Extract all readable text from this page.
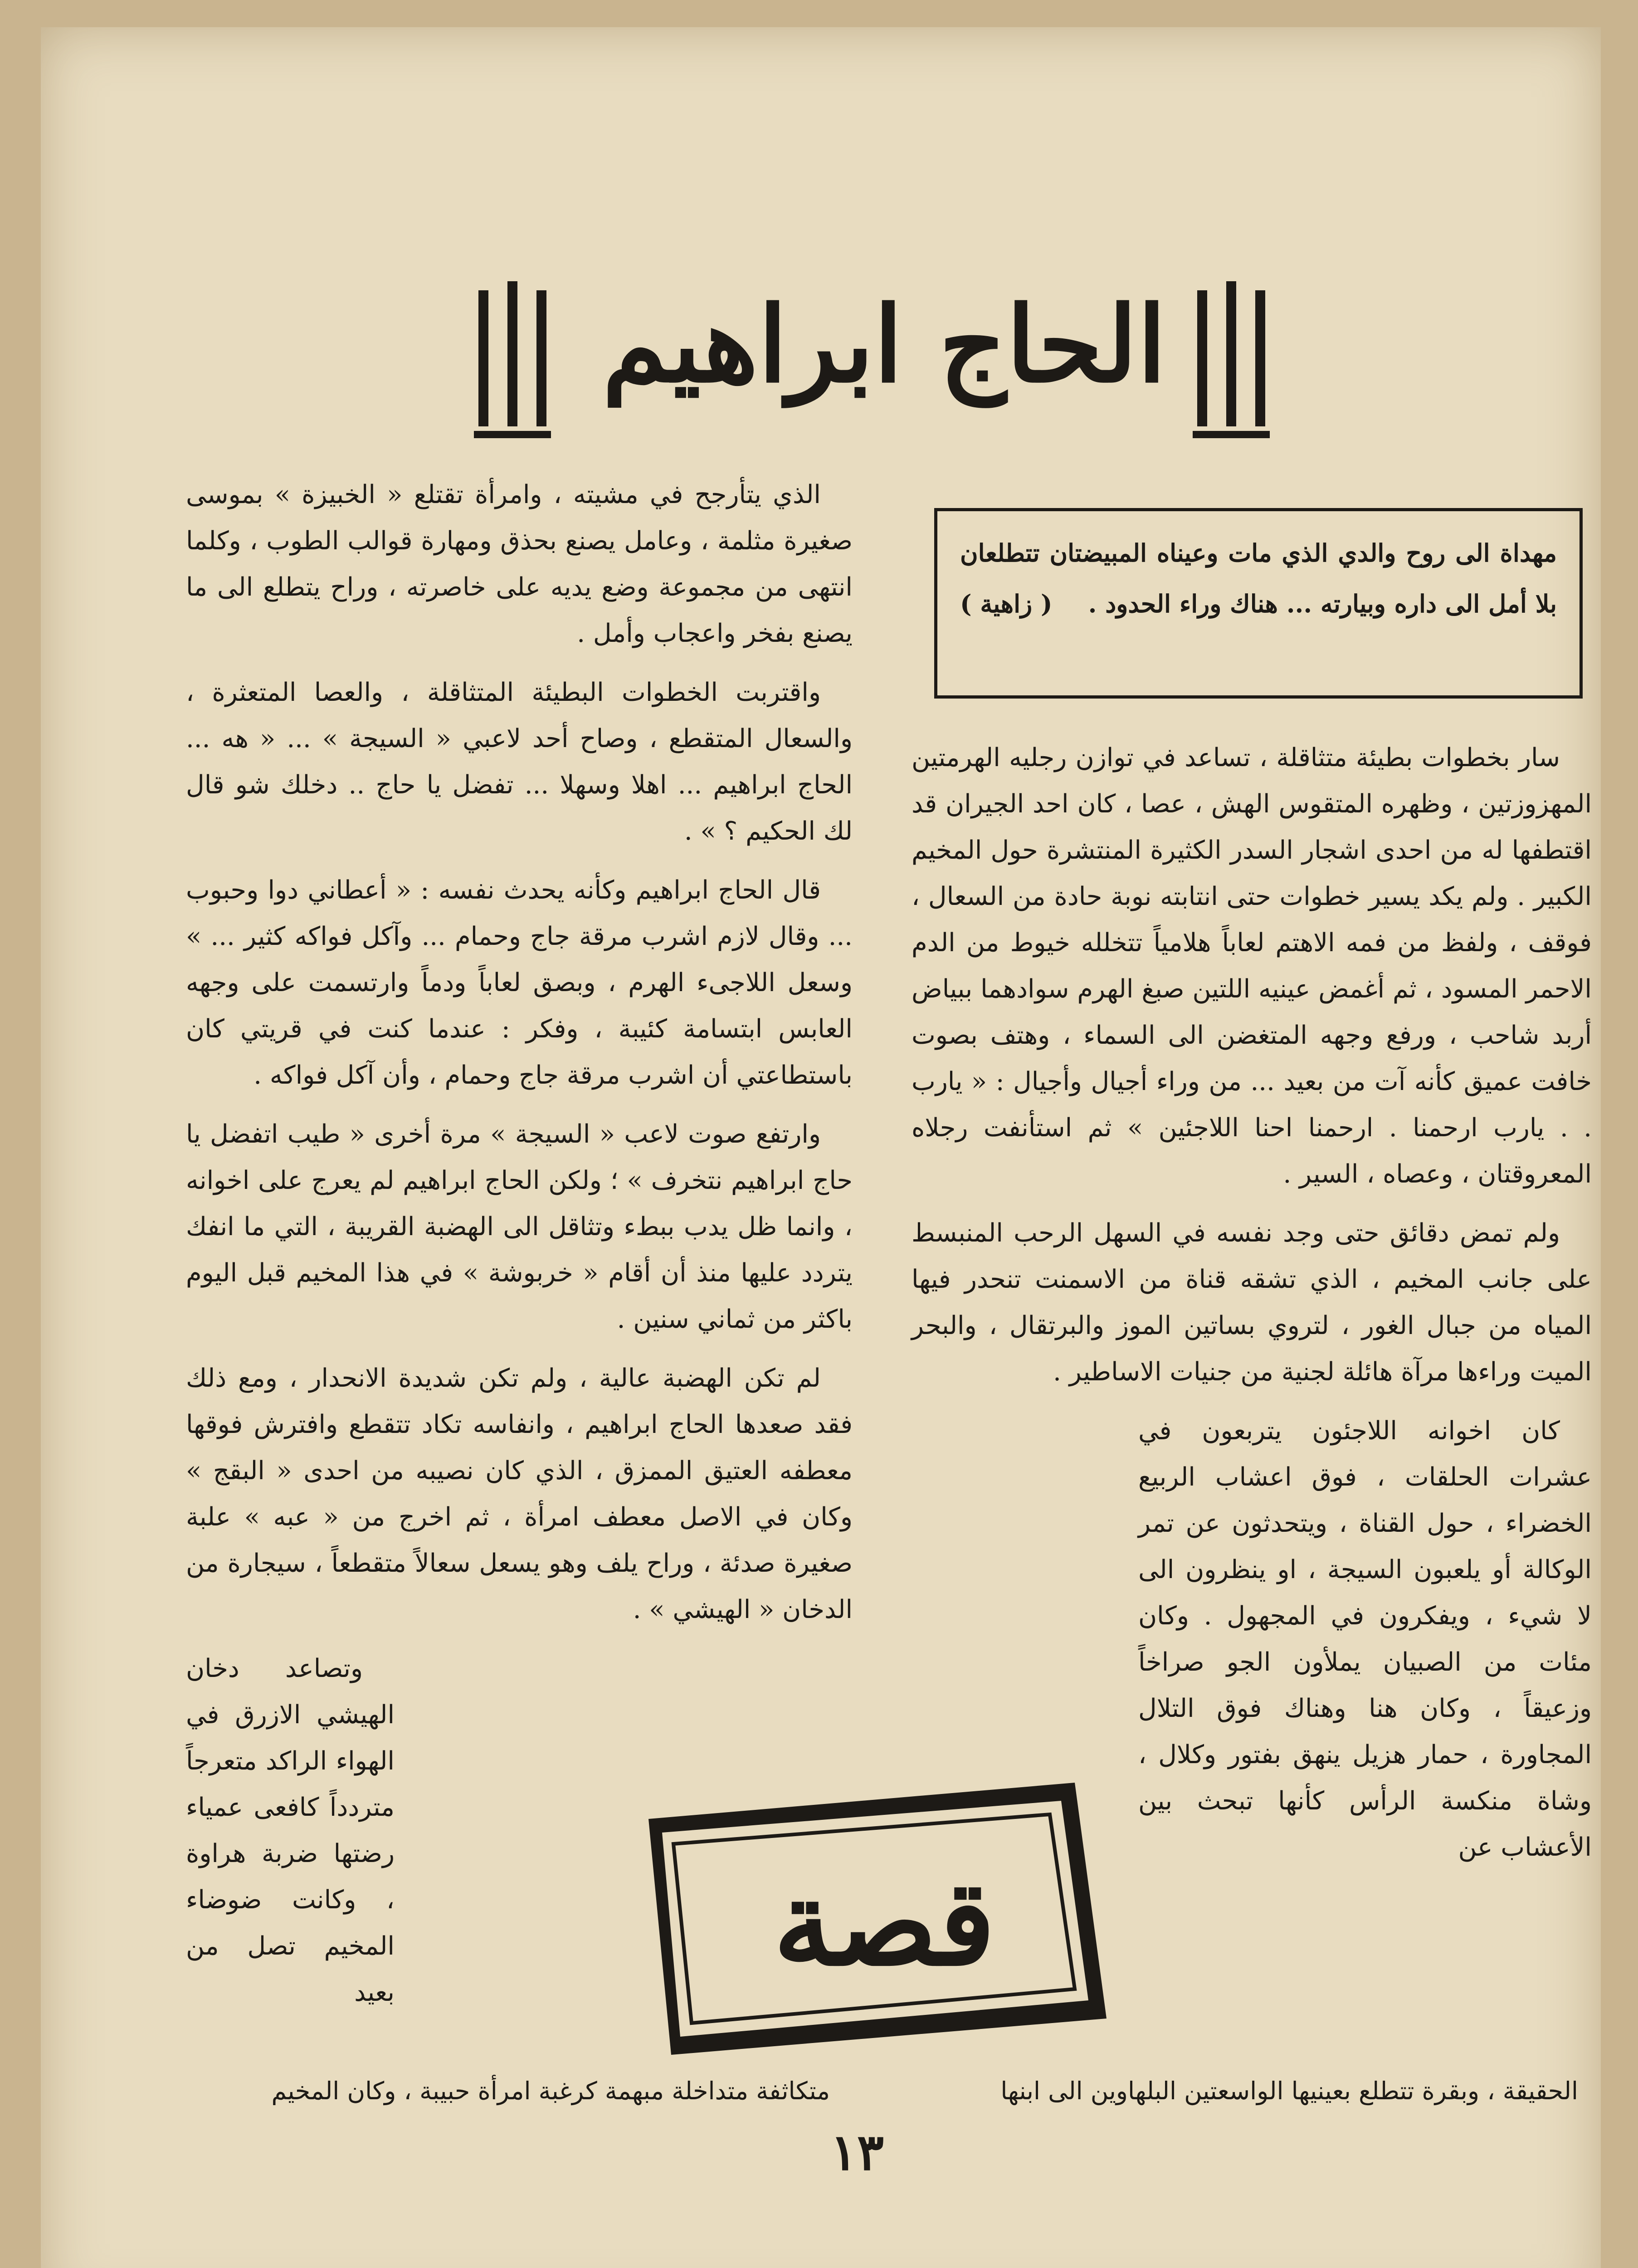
الحاج ابراهيم
مهداة الى روح والدي الذي مات وعيناه المبيضتان تتطلعان بلا أمل الى داره وبيارته ... هناك وراء الحدود .
( زاهية )

سار بخطوات بطيئة متثاقلة ، تساعد في توازن رجليه الهرمتين المهزوزتين ، وظهره المتقوس الهش ، عصا ، كان احد الجيران قد اقتطفها له من احدى اشجار السدر الكثيرة المنتشرة حول المخيم الكبير . ولم يكد يسير خطوات حتى انتابته نوبة حادة من السعال ، فوقف ، ولفظ من فمه الاهتم لعاباً هلامياً تتخلله خيوط من الدم الاحمر المسود ، ثم أغمض عينيه اللتين صبغ الهرم سوادهما ببياض أربد شاحب ، ورفع وجهه المتغضن الى السماء ، وهتف بصوت خافت عميق كأنه آت من بعيد ... من وراء أجيال وأجيال : « يارب . . يارب ارحمنا . ارحمنا احنا اللاجئين » ثم استأنفت رجلاه المعروقتان ، وعصاه ، السير .

ولم تمض دقائق حتى وجد نفسه في السهل الرحب المنبسط على جانب المخيم ، الذي تشقه قناة من الاسمنت تنحدر فيها المياه من جبال الغور ، لتروي بساتين الموز والبرتقال ، والبحر الميت وراءها مرآة هائلة لجنية من جنيات الاساطير .

كان اخوانه اللاجئون يتربعون في عشرات الحلقات ، فوق اعشاب الربيع الخضراء ، حول القناة ، ويتحدثون عن تمر الوكالة أو يلعبون السيجة ، او ينظرون الى لا شيء ، ويفكرون في المجهول . وكان مئات من الصبيان يملأون الجو صراخاً وزعيقاً ، وكان هنا وهناك فوق التلال المجاورة ، حمار هزيل ينهق بفتور وكلال ، وشاة منكسة الرأس كأنها تبحث بين الأعشاب عن

الذي يتأرجح في مشيته ، وامرأة تقتلع « الخبيزة » بموسى صغيرة مثلمة ، وعامل يصنع بحذق ومهارة قوالب الطوب ، وكلما انتهى من مجموعة وضع يديه على خاصرته ، وراح يتطلع الى ما يصنع بفخر واعجاب وأمل .

واقتربت الخطوات البطيئة المتثاقلة ، والعصا المتعثرة ، والسعال المتقطع ، وصاح أحد لاعبي « السيجة » ... « هه ... الحاج ابراهيم ... اهلا وسهلا ... تفضل يا حاج .. دخلك شو قال لك الحكيم ؟ » .

قال الحاج ابراهيم وكأنه يحدث نفسه : « أعطاني دوا وحبوب ... وقال لازم اشرب مرقة جاج وحمام ... وآكل فواكه كثير ... » وسعل اللاجىء الهرم ، وبصق لعاباً ودماً وارتسمت على وجهه العابس ابتسامة كئيبة ، وفكر : عندما كنت في قريتي كان باستطاعتي أن اشرب مرقة جاج وحمام ، وأن آكل فواكه .

وارتفع صوت لاعب « السيجة » مرة أخرى « طيب اتفضل يا حاج ابراهيم نتخرف » ؛ ولكن الحاج ابراهيم لم يعرج على اخوانه ، وانما ظل يدب ببطء وتثاقل الى الهضبة القريبة ، التي ما انفك يتردد عليها منذ أن أقام « خربوشة » في هذا المخيم قبل اليوم باكثر من ثماني سنين .

لم تكن الهضبة عالية ، ولم تكن شديدة الانحدار ، ومع ذلك فقد صعدها الحاج ابراهيم ، وانفاسه تكاد تتقطع وافترش فوقها معطفه العتيق الممزق ، الذي كان نصيبه من احدى « البقج » وكان في الاصل معطف امرأة ، ثم اخرج من « عبه » علبة صغيرة صدئة ، وراح يلف وهو يسعل سعالاً متقطعاً ، سيجارة من الدخان « الهيشي » .

وتصاعد دخان الهيشي الازرق في الهواء الراكد متعرجاً متردداً كافعى عمياء رضتها ضربة هراوة ، وكانت ضوضاء المخيم تصل من بعيد

قصة
متكاثفة متداخلة مبهمة كرغبة امرأة حبيبة ، وكان المخيم	الحقيقة ، وبقرة تتطلع بعينيها الواسعتين البلهاوين الى ابنها
١٣
